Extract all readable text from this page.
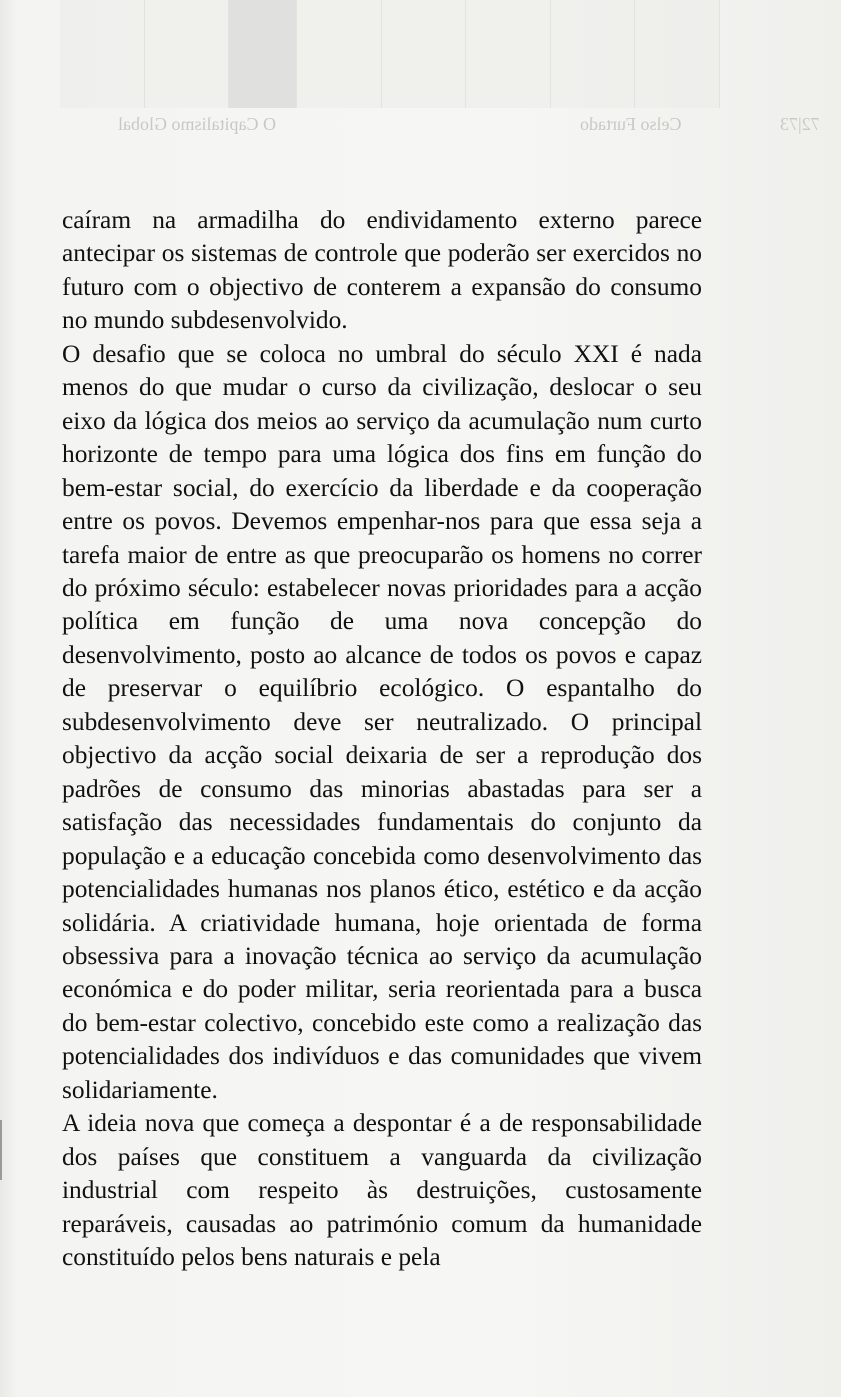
O Capitalismo Global	Celso Furtado	72|73

caíram na armadilha do endividamento externo parece antecipar os sistemas de controle que poderão ser exercidos no futuro com o objectivo de conterem a expansão do consumo no mundo subdesenvolvido.

O desafio que se coloca no umbral do século XXI é nada menos do que mudar o curso da civilização, deslocar o seu eixo da lógica dos meios ao serviço da acumulação num curto horizonte de tempo para uma lógica dos fins em função do bem-estar social, do exercício da liberdade e da cooperação entre os povos. Devemos empenhar-nos para que essa seja a tarefa maior de entre as que preocuparão os homens no correr do próximo século: estabelecer novas prioridades para a acção política em função de uma nova concepção do desenvolvimento, posto ao alcance de todos os povos e capaz de preservar o equilíbrio ecológico. O espantalho do subdesenvolvimento deve ser neutralizado. O principal objectivo da acção social deixaria de ser a reprodução dos padrões de consumo das minorias abastadas para ser a satisfação das necessidades fundamentais do conjunto da população e a educação concebida como desenvolvimento das potencialidades humanas nos planos ético, estético e da acção solidária. A criatividade humana, hoje orientada de forma obsessiva para a inovação técnica ao serviço da acumulação económica e do poder militar, seria reorientada para a busca do bem-estar colectivo, concebido este como a realização das potencialidades dos indivíduos e das comunidades que vivem solidariamente.

A ideia nova que começa a despontar é a de responsabilidade dos países que constituem a vanguarda da civilização industrial com respeito às destruições, custosamente reparáveis, causadas ao património comum da humanidade constituído pelos bens naturais e pela
